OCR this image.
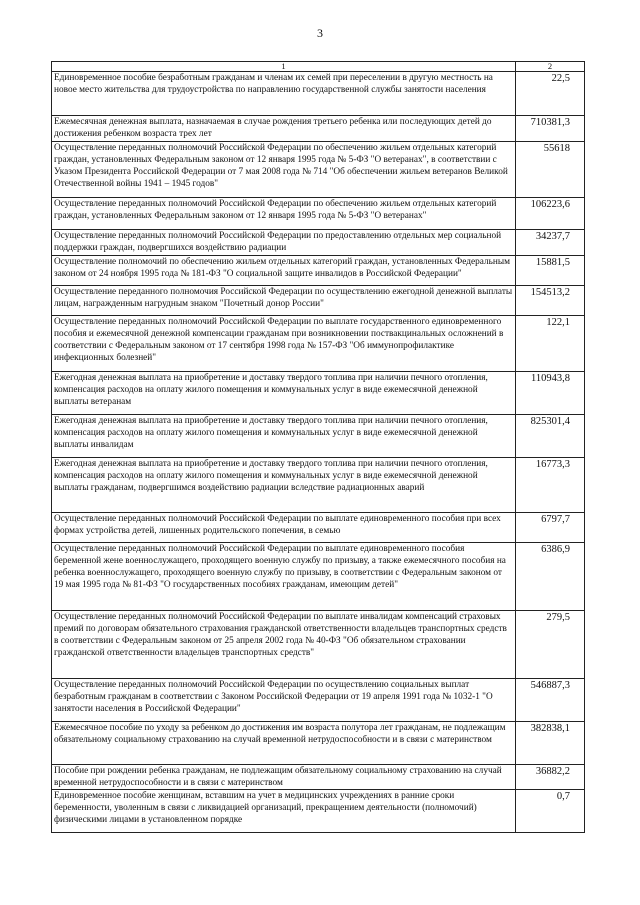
3
1	2
Единовременное пособие безработным гражданам и членам их семей при переселении в другую местность на новое место жительства для трудоустройства по направлению государственной службы занятости населения	22,5
Ежемесячная денежная выплата, назначаемая в случае рождения третьего ребенка или последующих детей до достижения ребенком возраста трех лет	710381,3
Осуществление переданных полномочий Российской Федерации по обеспечению жильем отдельных категорий граждан, установленных Федеральным законом от 12 января 1995 года № 5-ФЗ "О ветеранах", в соответствии с Указом Президента Российской Федерации от 7 мая 2008 года № 714 "Об обеспечении жильем ветеранов Великой Отечественной войны 1941 – 1945 годов"	55618
Осуществление переданных полномочий Российской Федерации по обеспечению жильем отдельных категорий граждан, установленных Федеральным законом от 12 января 1995 года № 5-ФЗ "О ветеранах"	106223,6
Осуществление переданных полномочий Российской Федерации по предоставлению отдельных мер социальной поддержки граждан, подвергшихся воздействию радиации	34237,7
Осуществление полномочий по обеспечению жильем отдельных категорий граждан, установленных Федеральным законом от 24 ноября 1995 года № 181-ФЗ "О социальной защите инвалидов в Российской Федерации"	15881,5
Осуществление переданного полномочия Российской Федерации по осуществлению ежегодной денежной выплаты лицам, награжденным нагрудным знаком "Почетный донор России"	154513,2
Осуществление переданных полномочий Российской Федерации по выплате государственного единовременного пособия и ежемесячной денежной компенсации гражданам при возникновении поствакцинальных осложнений в соответствии с Федеральным законом от 17 сентября 1998 года № 157-ФЗ "Об иммунопрофилактике инфекционных болезней"	122,1
Ежегодная денежная выплата на приобретение и доставку твердого топлива при наличии печного отопления, компенсация расходов на оплату жилого помещения и коммунальных услуг в виде ежемесячной денежной выплаты ветеранам	110943,8
Ежегодная денежная выплата на приобретение и доставку твердого топлива при наличии печного отопления, компенсация расходов на оплату жилого помещения и коммунальных услуг в виде ежемесячной денежной выплаты инвалидам	825301,4
Ежегодная денежная выплата на приобретение и доставку твердого топлива при наличии печного отопления, компенсация расходов на оплату жилого помещения и коммунальных услуг в виде ежемесячной денежной выплаты гражданам, подвергшимся воздействию радиации вследствие радиационных аварий	16773,3
Осуществление переданных полномочий Российской Федерации по выплате единовременного пособия при всех формах устройства детей, лишенных родительского попечения, в семью	6797,7
Осуществление переданных полномочий Российской Федерации по выплате единовременного пособия беременной жене военнослужащего, проходящего военную службу по призыву, а также ежемесячного пособия на ребенка военнослужащего, проходящего военную службу по призыву, в соответствии с Федеральным законом от 19 мая 1995 года № 81-ФЗ "О государственных пособиях гражданам, имеющим детей"	6386,9
Осуществление переданных полномочий Российской Федерации по выплате инвалидам компенсаций страховых премий по договорам обязательного страхования гражданской ответственности владельцев транспортных средств в соответствии с Федеральным законом от 25 апреля 2002 года № 40-ФЗ "Об обязательном страховании гражданской ответственности владельцев транспортных средств"	279,5
Осуществление переданных полномочий Российской Федерации по осуществлению социальных выплат безработным гражданам в соответствии с Законом Российской Федерации от 19 апреля 1991 года № 1032-1 "О занятости населения в Российской Федерации"	546887,3
Ежемесячное пособие по уходу за ребенком до достижения им возраста полутора лет гражданам, не подлежащим обязательному социальному страхованию на случай временной нетрудоспособности и в связи с материнством	382838,1
Пособие при рождении ребенка гражданам, не подлежащим обязательному социальному страхованию на случай временной нетрудоспособности и в связи с материнством	36882,2
Единовременное пособие женщинам, вставшим на учет в медицинских учреждениях в ранние сроки беременности, уволенным в связи с ликвидацией организаций, прекращением деятельности (полномочий) физическими лицами в установленном порядке	0,7
